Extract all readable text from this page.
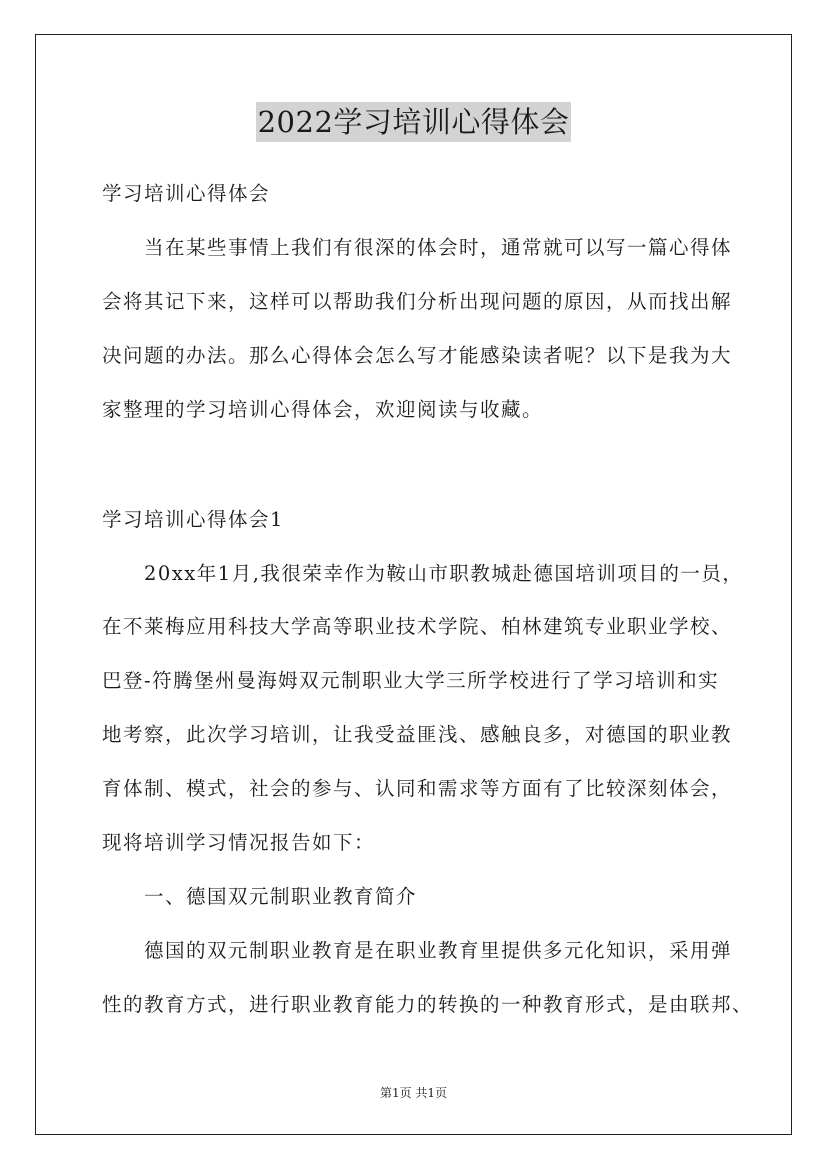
2022学习培训心得体会
学习培训心得体会
当在某些事情上我们有很深的体会时，通常就可以写一篇心得体
会将其记下来，这样可以帮助我们分析出现问题的原因，从而找出解
决问题的办法。那么心得体会怎么写才能感染读者呢？以下是我为大
家整理的学习培训心得体会，欢迎阅读与收藏。
学习培训心得体会1
20xx年1月,我很荣幸作为鞍山市职教城赴德国培训项目的一员，
在不莱梅应用科技大学高等职业技术学院、柏林建筑专业职业学校、
巴登-符腾堡州曼海姆双元制职业大学三所学校进行了学习培训和实
地考察，此次学习培训，让我受益匪浅、感触良多，对德国的职业教
育体制、模式，社会的参与、认同和需求等方面有了比较深刻体会，
现将培训学习情况报告如下：
一、德国双元制职业教育简介
德国的双元制职业教育是在职业教育里提供多元化知识，采用弹
性的教育方式，进行职业教育能力的转换的一种教育形式，是由联邦、
第1页 共1页
